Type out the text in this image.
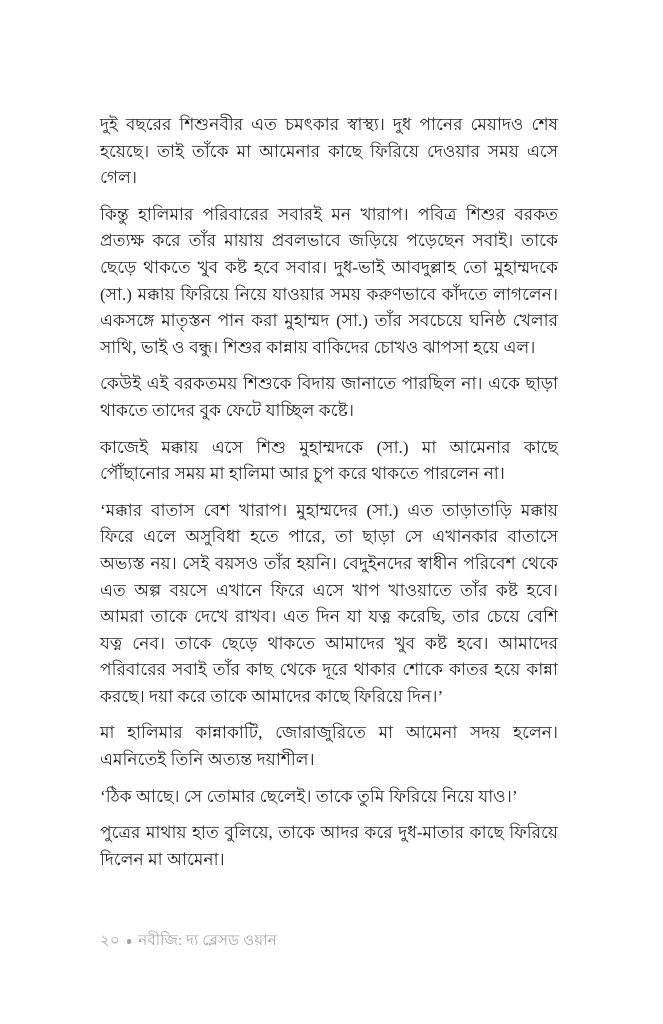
দুই বছরের শিশুনবীর এত চমৎকার স্বাস্থ্য। দুধ পানের মেয়াদও শেষ হয়েছে। তাই তাঁকে মা আমেনার কাছে ফিরিয়ে দেওয়ার সময় এসে গেল।

কিন্তু হালিমার পরিবারের সবারই মন খারাপ। পবিত্র শিশুর বরকত প্রত্যক্ষ করে তাঁর মায়ায় প্রবলভাবে জড়িয়ে পড়েছেন সবাই। তাকে ছেড়ে থাকতে খুব কষ্ট হবে সবার। দুধ-ভাই আবদুল্লাহ তো মুহাম্মদকে (সা.) মক্কায় ফিরিয়ে নিয়ে যাওয়ার সময় করুণভাবে কাঁদতে লাগলেন। একসঙ্গে মাতৃস্তন পান করা মুহাম্মদ (সা.) তাঁর সবচেয়ে ঘনিষ্ঠ খেলার সাথি, ভাই ও বন্ধু। শিশুর কান্নায় বাকিদের চোখও ঝাপসা হয়ে এল।

কেউই এই বরকতময় শিশুকে বিদায় জানাতে পারছিল না। একে ছাড়া থাকতে তাদের বুক ফেটে যাচ্ছিল কষ্টে।

কাজেই মক্কায় এসে শিশু মুহাম্মদকে (সা.) মা আমেনার কাছে পৌঁছানোর সময় মা হালিমা আর চুপ করে থাকতে পারলেন না।

‘মক্কার বাতাস বেশ খারাপ। মুহাম্মদের (সা.) এত তাড়াতাড়ি মক্কায় ফিরে এলে অসুবিধা হতে পারে, তা ছাড়া সে এখানকার বাতাসে অভ্যস্ত নয়। সেই বয়সও তাঁর হয়নি। বেদুইনদের স্বাধীন পরিবেশ থেকে এত অল্প বয়সে এখানে ফিরে এসে খাপ খাওয়াতে তাঁর কষ্ট হবে। আমরা তাকে দেখে রাখব। এত দিন যা যত্ন করেছি, তার চেয়ে বেশি যত্ন নেব। তাকে ছেড়ে থাকতে আমাদের খুব কষ্ট হবে। আমাদের পরিবারের সবাই তাঁর কাছ থেকে দূরে থাকার শোকে কাতর হয়ে কান্না করছে। দয়া করে তাকে আমাদের কাছে ফিরিয়ে দিন।’

মা হালিমার কান্নাকাটি, জোরাজুরিতে মা আমেনা সদয় হলেন। এমনিতেই তিনি অত্যন্ত দয়াশীল।

‘ঠিক আছে। সে তোমার ছেলেই। তাকে তুমি ফিরিয়ে নিয়ে যাও।’

পুত্রের মাথায় হাত বুলিয়ে, তাকে আদর করে দুধ-মাতার কাছে ফিরিয়ে দিলেন মা আমেনা।

২০ নবীজি: দ্য ব্লেসড ওয়ান
